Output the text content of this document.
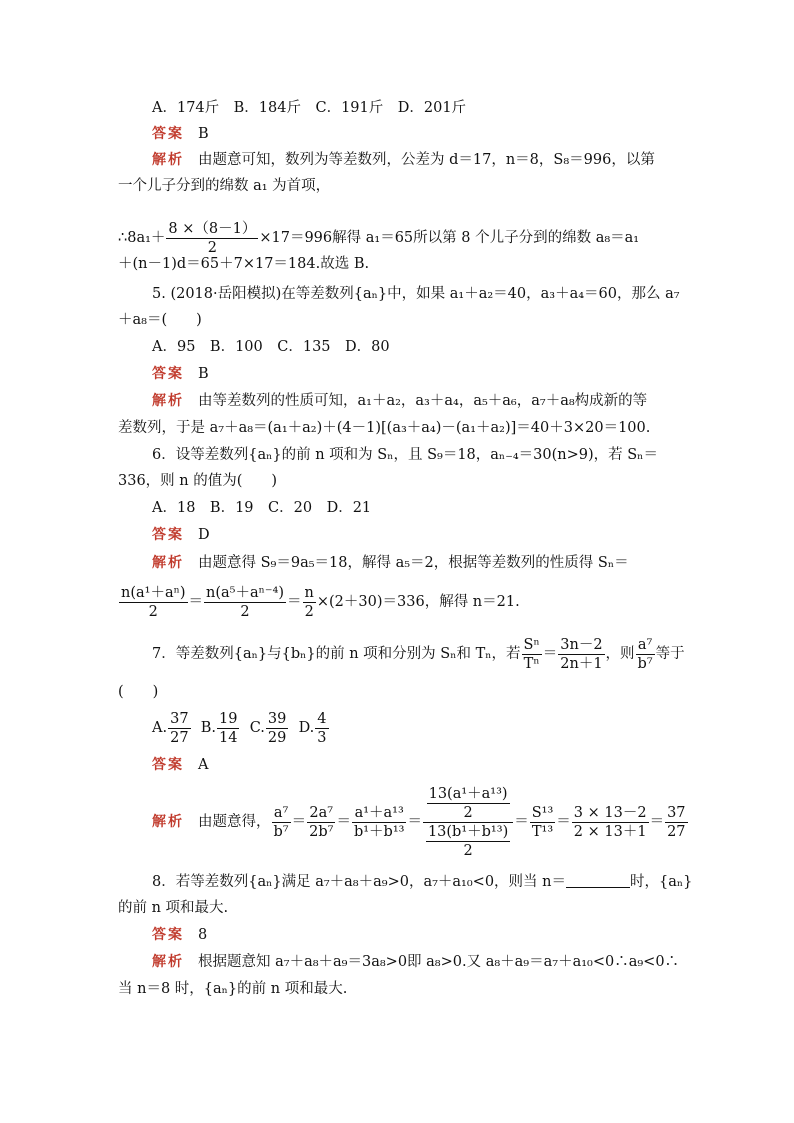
A．174斤　B．184斤　C．191斤　D．201斤
答案 B
解析 由题意可知，数列为等差数列，公差为 d＝17，n＝8，S₈＝996，以第
一个儿子分到的绵数 a₁ 为首项，
∴8a₁＋ $\frac{8 \times(8-1)}{2} \times 17=996$解得 a₁＝65所以第 8 个儿子分到的绵数 a₈＝a₁
＋(n－1)d＝65＋7×17＝184.故选 B.
5. (2018·岳阳模拟)在等差数列{aₙ}中，如果 a₁＋a₂＝40，a₃＋a₄＝60，那么 a₇
＋a₈＝(　　)
A．95　B．100　C．135　D．80
答案 B
解析 由等差数列的性质可知，a₁＋a₂，a₃＋a₄，a₅＋a₆，a₇＋a₈构成新的等
差数列，于是 a₇＋a₈＝(a₁＋a₂)＋(4－1)[(a₃＋a₄)－(a₁＋a₂)]＝40＋3×20＝100.
6．设等差数列{aₙ}的前 n 项和为 Sₙ，且 S₉＝18，aₙ₋₄＝30(n>9)，若 Sₙ＝
336，则 n 的值为(　　)
A．18　B．19　C．20　D．21
答案 D
解析 由题意得 S₉＝9a₅＝18，解得 a₅＝2，根据等差数列的性质得 Sₙ＝
$\frac{\text{n(a¹＋aⁿ)}}{2} = \frac{\text{n(a⁵＋aⁿ⁻⁴)}}{2} = \frac{n}{2} \times(2+30)=336$，解得 n＝21.
7．等差数列{aₙ}与{bₙ}的前 n 项和分别为 Sₙ和 Tₙ，若 $\frac{\text{Sⁿ}}{\text{Tⁿ}} = \frac{3n-2}{2n+1}$ ，则 $\frac{\text{a⁷}}{\text{b⁷}}$ 等于
(　　)
A. $\frac{37}{27} B$. $\frac{19}{14} C$. $\frac{39}{29} D$. $\frac{4}{3}$
答案 A
解析 由题意得， $\frac{\text{a⁷}}{\text{b⁷}} = \frac{\text{2a⁷}}{\text{2b⁷}} = \frac{\text{a¹＋a¹³}}{\text{b¹＋b¹³}} = \frac{\frac{\text{13(a¹＋a¹³)}}{2}}{\frac{\text{13(b¹＋b¹³)}}{2}} = \frac{\text{S¹³}}{\text{T¹³}} = \frac{3 \times 13-2}{2 \times 13+1} = \frac{37}{27}$
8．若等差数列{aₙ}满足 a₇＋a₈＋a₉>0，a₇＋a₁₀<0，则当 n＝	时，{aₙ}
的前 n 项和最大.
答案 8
解析 根据题意知 a₇＋a₈＋a₉＝3a₈>0即 a₈>0.又 a₈＋a₉＝a₇＋a₁₀<0∴a₉<0∴
当 n＝8 时，{aₙ}的前 n 项和最大.
